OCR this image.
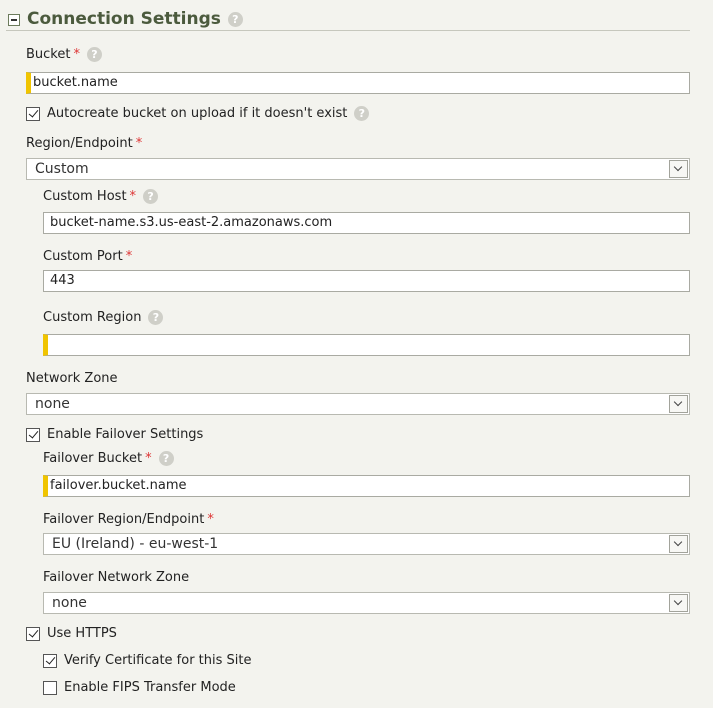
Connection Settings	?
Bucket * ?
bucket.name
Autocreate bucket on upload if it doesn't exist	?
Region/Endpoint *
Custom
Custom Host * ?
bucket-name.s3.us-east-2.amazonaws.com
Custom Port *
443
Custom Region ?
Network Zone
none
Enable Failover Settings
Failover Bucket * ?
failover.bucket.name
Failover Region/Endpoint *
EU (Ireland) - eu-west-1
Failover Network Zone
none
Use HTTPS
Verify Certificate for this Site
Enable FIPS Transfer Mode
